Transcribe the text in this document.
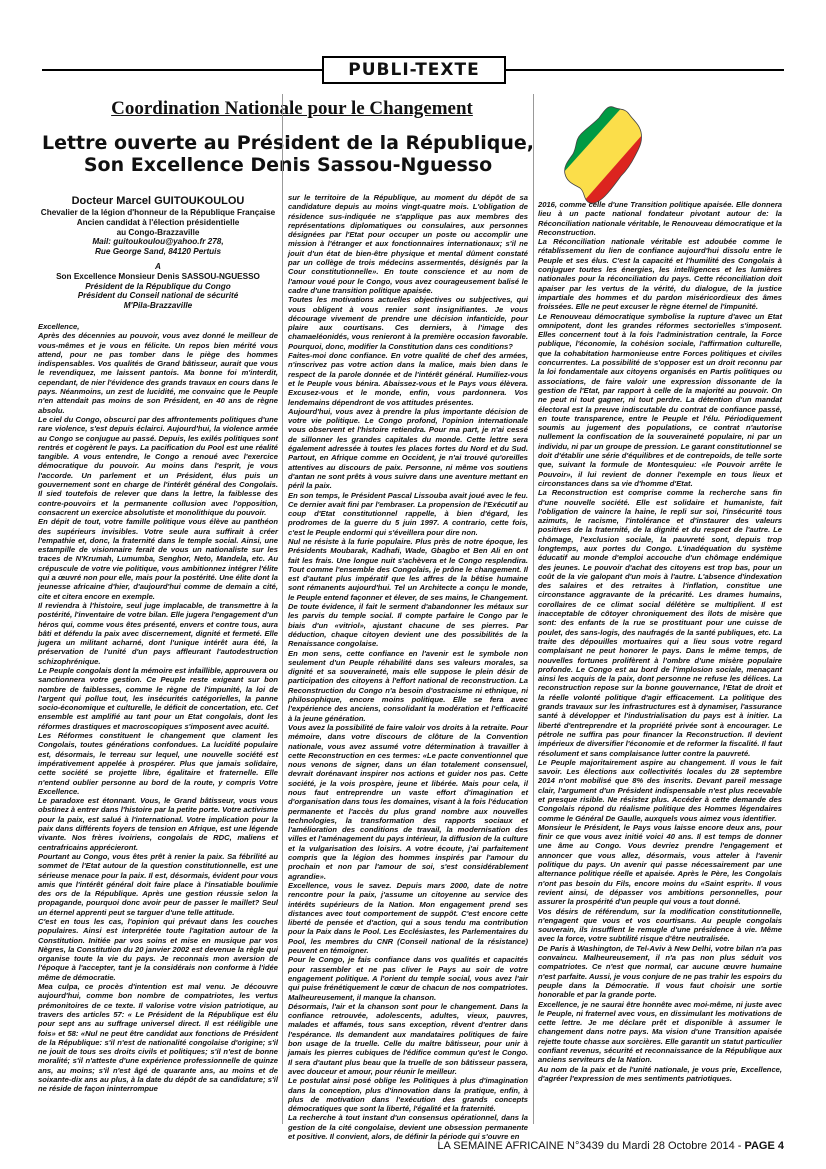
PUBLI-TEXTE
Coordination Nationale pour le Changement
Lettre ouverte au Président de la République,
Son Excellence Denis Sassou-Nguesso
Docteur Marcel GUITOUKOULOU
Chevalier de la légion d'honneur de la République Française
Ancien candidat à l'élection présidentielle
au Congo-Brazzaville
Mail: guitoukoulou@yahoo.fr 278,
Rue George Sand, 84120 Pertuis
A
Son Excellence Monsieur Denis SASSOU-NGUESSO
Président de la République du Congo
Président du Conseil national de sécurité
M'Pila-Brazzaville

Excellence,

Après des décennies au pouvoir, vous avez donné le meilleur de vous-mêmes et je vous en félicite. Un repos bien mérité vous attend, pour ne pas tomber dans le piège des hommes indispensables. Vos qualités de Grand bâtisseur, aurait que vous le revendiquez, me laissent pantois. Ma bonne foi m'interdit, cependant, de nier l'évidence des grands travaux en cours dans le pays. Néanmoins, un zest de lucidité, me convainc que le Peuple n'en attendait pas moins de son Président, en 40 ans de règne absolu.

Le ciel du Congo, obscurci par des affrontements politiques d'une rare violence, s'est depuis éclairci. Aujourd'hui, la violence armée au Congo se conjugue au passé. Depuis, les exilés politiques sont rentrés et cogèrent le pays. La pacification du Pool est une réalité tangible. A vous entendre, le Congo a renoué avec l'exercice démocratique du pouvoir. Au moins dans l'esprit, je vous l'accorde. Un parlement et un Président, élus puis un gouvernement sont en charge de l'intérêt général des Congolais. Il sied toutefois de relever que dans la lettre, la faiblesse des contre-pouvoirs et la permanente collusion avec l'opposition, consacrent un exercice absolutiste et monolithique du pouvoir.

En dépit de tout, votre famille politique vous élève au panthéon des supérieurs invisibles. Votre seule aura suffirait à créer l'empathie et, donc, la fraternité dans le temple social. Ainsi, une estampille de visionnaire ferait de vous un nationaliste sur les traces de N'Krumah, Lumumba, Senghor, Neto, Mandela, etc. Au crépuscule de votre vie politique, vous ambitionnez intégrer l'élite qui a œuvré non pour elle, mais pour la postérité. Une élite dont la jeunesse africaine d'hier, d'aujourd'hui comme de demain a cité, cite et citera encore en exemple.

Il reviendra à l'histoire, seul juge implacable, de transmettre à la postérité, l'inventaire de votre bilan. Elle jugera l'engagement d'un héros qui, comme vous êtes présenté, envers et contre tous, aura bâti et défendu la paix avec discernement, dignité et fermeté. Elle jugera un militant acharné, dont l'unique intérêt aura été, la préservation de l'unité d'un pays affleurant l'autodestruction schizophrénique.

Le Peuple congolais dont la mémoire est infaillible, approuvera ou sanctionnera votre gestion. Ce Peuple reste exigeant sur bon nombre de faiblesses, comme le règne de l'impunité, la loi de l'argent qui pollue tout, les insécurités catégorielles, la panne socio-économique et culturelle, le déficit de concertation, etc. Cet ensemble est amplifié au tant pour un Etat congolais, dont les réformes drastiques et macroscopiques s'imposent avec acuité.

Les Réformes constituent le changement que clament les Congolais, toutes générations confondues. La lucidité populaire est, désormais, le terreau sur lequel, une nouvelle société est impérativement appelée à prospérer. Plus que jamais solidaire, cette société se projette libre, égalitaire et fraternelle. Elle n'entend oublier personne au bord de la route, y compris Votre Excellence.

Le paradoxe est étonnant. Vous, le Grand bâtisseur, vous vous obstinez à entrer dans l'histoire par la petite porte. Votre activisme pour la paix, est salué à l'international. Votre implication pour la paix dans différents foyers de tension en Afrique, est une légende vivante. Nos frères ivoiriens, congolais de RDC, maliens et centrafricains apprécieront.

Pourtant au Congo, vous êtes prêt à renier la paix. Sa fébrilité au sommet de l'Etat autour de la question constitutionnelle, est une sérieuse menace pour la paix. Il est, désormais, évident pour vous amis que l'intérêt général doit faire place à l'insatiable boulimie des ors de la République. Après une gestion réussie selon la propagande, pourquoi donc avoir peur de passer le maillet? Seul un éternel apprenti peut se targuer d'une telle attitude.

C'est en tous les cas, l'opinion qui prévaut dans les couches populaires. Ainsi est interprétée toute l'agitation autour de la Constitution. Initiée par vos soins et mise en musique par vos Nègres, la Constitution du 20 janvier 2002 est devenue la règle qui organise toute la vie du pays. Je reconnais mon aversion de l'époque à l'accepter, tant je la considérais non conforme à l'idée même de démocratie.

Mea culpa, ce procès d'intention est mal venu. Je découvre aujourd'hui, comme bon nombre de compatriotes, les vertus prémonitoires de ce texte. Il valorise votre vision patriotique, au travers des articles 57: « Le Président de la République est élu pour sept ans au suffrage universel direct. Il est rééligible une fois» et 58: «Nul ne peut être candidat aux fonctions de Président de la République: s'il n'est de nationalité congolaise d'origine; s'il ne jouit de tous ses droits civils et politiques; s'il n'est de bonne moralité; s'il n'atteste d'une expérience professionnelle de quinze ans, au moins; s'il n'est âgé de quarante ans, au moins et de soixante-dix ans au plus, à la date du dépôt de sa candidature; s'il ne réside de façon ininterrompue

sur le territoire de la République, au moment du dépôt de sa candidature depuis au moins vingt-quatre mois. L'obligation de résidence sus-indiquée ne s'applique pas aux membres des représentations diplomatiques ou consulaires, aux personnes désignées par l'Etat pour occuper un poste ou accomplir une mission à l'étranger et aux fonctionnaires internationaux; s'il ne jouit d'un état de bien-être physique et mental dûment constaté par un collège de trois médecins assermentés, désignés par la Cour constitutionnelle». En toute conscience et au nom de l'amour voué pour le Congo, vous avez courageusement balisé le cadre d'une transition politique apaisée.

Toutes les motivations actuelles objectives ou subjectives, qui vous obligent à vous renier sont insignifiantes. Je vous décourage vivement de prendre une décision infanticide, pour plaire aux courtisans. Ces derniers, à l'image des chamaeléonidés, vous renieront à la première occasion favorable. Pourquoi, donc, modifier la Constitution dans ces conditions?

Faites-moi donc confiance. En votre qualité de chef des armées, n'inscrivez pas votre action dans la malice, mais bien dans le respect de la parole donnée et de l'intérêt général. Humiliez-vous et le Peuple vous bénira. Abaissez-vous et le Pays vous élèvera. Excusez-vous et le monde, enfin, vous pardonnera. Vos lendemains dépendront de vos attitudes présentes.

Aujourd'hui, vous avez à prendre la plus importante décision de votre vie politique. Le Congo profond, l'opinion internationale vous observent et l'histoire retiendra. Pour ma part, je n'ai cessé de sillonner les grandes capitales du monde. Cette lettre sera également adressée à toutes les places fortes du Nord et du Sud. Partout, en Afrique comme en Occident, je n'ai trouvé qu'oreilles attentives au discours de paix. Personne, ni même vos soutiens d'antan ne sont prêts à vous suivre dans une aventure mettant en péril la paix.

En son temps, le Président Pascal Lissouba avait joué avec le feu. Ce dernier avait fini par l'embraser. La propension de l'Exécutif au coup d'Etat constitutionnel rappelle, à bien d'égard, les prodromes de la guerre du 5 juin 1997. A contrario, cette fois, c'est le Peuple endormi qui s'éveillera pour dire non.

Nul ne résiste à la furie populaire. Plus près de notre époque, les Présidents Moubarak, Kadhafi, Wade, Gbagbo et Ben Ali en ont fait les frais. Une longue nuit s'achèvera et le Congo resplendira. Tout comme l'ensemble des Congolais, je prône le changement. Il est d'autant plus impératif que les affres de la bêtise humaine sont rémanents aujourd'hui. Tel un Architecte a conçu le monde, le Peuple entend façonner et élever, de ses mains, le Changement. De toute évidence, il fait le serment d'abandonner les métaux sur les parvis du temple social. Il compte parfaire le Congo par le biais d'un «vitriol», ajustant chacune de ses pierres. Par déduction, chaque citoyen devient une des possibilités de la Renaissance congolaise.

En mon sens, cette confiance en l'avenir est le symbole non seulement d'un Peuple réhabilité dans ses valeurs morales, sa dignité et sa souveraineté, mais elle suppose le plein désir de participation des citoyens à l'effort national de reconstruction. La Reconstruction du Congo n'a besoin d'ostracisme ni ethnique, ni philosophique, encore moins politique. Elle se fera avec l'expérience des anciens, consolidant la modération et l'efficacité à la jeune génération.

Vous avez la possibilité de faire valoir vos droits à la retraite. Pour mémoire, dans votre discours de clôture de la Convention nationale, vous avez assumé votre détermination à travailler à cette Reconstruction en ces termes: «Le pacte conventionnel que nous venons de signer, dans un élan totalement consensuel, devrait dorénavant inspirer nos actions et guider nos pas. Cette société, je la vois prospère, jeune et libérée. Mais pour cela, il nous faut entreprendre un vaste effort d'imagination et d'organisation dans tous les domaines, visant à la fois l'éducation permanente et l'accès du plus grand nombre aux nouvelles technologies, la transformation des rapports sociaux et l'amélioration des conditions de travail, la modernisation des villes et l'aménagement du pays intérieur, la diffusion de la culture et la vulgarisation des loisirs. A votre écoute, j'ai parfaitement compris que la légion des hommes inspirés par l'amour du prochain et non par l'amour de soi, s'est considérablement agrandie».

Excellence, vous le savez. Depuis mars 2000, date de notre rencontre pour la paix, j'assume un citoyenne au service des intérêts supérieurs de la Nation. Mon engagement prend ses distances avec tout comportement de suppôt. C'est encore cette liberté de pensée et d'action, qui a sous tendu ma contribution pour la Paix dans le Pool. Les Ecclésiastes, les Parlementaires du Pool, les membres du CNR (Conseil national de la résistance) peuvent en témoigner.

Pour le Congo, je fais confiance dans vos qualités et capacités pour rassembler et ne pas cliver le Pays au soir de votre engagement politique. A l'orient du temple social, vous avez l'air qui puise frénétiquement le cœur de chacun de nos compatriotes. Malheureusement, il manque la chanson.

Désormais, l'air et la chanson sont pour le changement. Dans la confiance retrouvée, adolescents, adultes, vieux, pauvres, malades et affamés, tous sans exception, rêvent d'entrer dans l'espérance. Ils demandent aux mandataires politiques de faire bon usage de la truelle. Celle du maître bâtisseur, pour unir à jamais les pierres cubiques de l'édifice commun qu'est le Congo. Il sera d'autant plus beau que la truelle de son bâtisseur passera, avec douceur et amour, pour réunir le meilleur.

Le postulat ainsi posé oblige les Politiques à plus d'imagination dans la conception, plus d'innovation dans la pratique, enfin, à plus de motivation dans l'exécution des grands concepts démocratiques que sont la liberté, l'égalité et la fraternité.

La recherche à tout instant d'un consensus opérationnel, dans la gestion de la cité congolaise, devient une obsession permanente et positive. Il convient, alors, de définir la période qui s'ouvre en

2016, comme celle d'une Transition politique apaisée. Elle donnera lieu à un pacte national fondateur pivotant autour de: la Réconciliation nationale véritable, le Renouveau démocratique et la Reconstruction.

La Réconciliation nationale véritable est adoubée comme le rétablissement du lien de confiance aujourd'hui dissolu entre le Peuple et ses élus. C'est la capacité et l'humilité des Congolais à conjuguer toutes les énergies, les intelligences et les lumières nationales pour la réconciliation du pays. Cette réconciliation doit apaiser par les vertus de la vérité, du dialogue, de la justice impartiale des hommes et du pardon miséricordieux des âmes froissées. Elle ne peut excuser le règne éternel de l'impunité.

Le Renouveau démocratique symbolise la rupture d'avec un Etat omnipotent, dont les grandes réformes sectorielles s'imposent. Elles concernent tout à la fois l'administration centrale, la Force publique, l'économie, la cohésion sociale, l'affirmation culturelle, que la cohabitation harmonieuse entre Forces politiques et civiles concurrentes. La possibilité de s'opposer est un droit reconnu par la loi fondamentale aux citoyens organisés en Partis politiques ou associations, de faire valoir une expression dissonante de la gestion de l'Etat, par rapport à celle de la majorité au pouvoir. On ne peut ni tout gagner, ni tout perdre. La détention d'un mandat électoral est la preuve indiscutable du contrat de confiance passé, en toute transparence, entre le Peuple et l'élu. Périodiquement soumis au jugement des populations, ce contrat n'autorise nullement la confiscation de la souveraineté populaire, ni par un individu, ni par un groupe de pression. Le garant constitutionnel se doit d'établir une série d'équilibres et de contrepoids, de telle sorte que, suivant la formule de Montesquieu: «le Pouvoir arrête le Pouvoir», il lui revient de donner l'exemple en tous lieux et circonstances dans sa vie d'homme d'Etat.

La Reconstruction est comprise comme la recherche sans fin d'une nouvelle société. Elle est solidaire et humaniste, fait l'obligation de vaincre la haine, le repli sur soi, l'insécurité tous azimuts, le racisme, l'intolérance et d'instaurer des valeurs positives de la fraternité, de la dignité et du respect de l'autre. Le chômage, l'exclusion sociale, la pauvreté sont, depuis trop longtemps, aux portes du Congo. L'inadéquation du système éducatif au monde d'emploi accouche d'un chômage endémique des jeunes. Le pouvoir d'achat des citoyens est trop bas, pour un coût de la vie galopant d'un mois à l'autre. L'absence d'indexation des salaires et des retraites à l'inflation, constitue une circonstance aggravante de la précarité. Les drames humains, corollaires de ce climat social délétère se multiplient. Il est inacceptable de côtoyer chroniquement des îlots de misère que sont: des enfants de la rue se prostituant pour une cuisse de poulet, des sans-logis, des naufragés de la santé publiques, etc. La traite des dépouilles mortuaires qui a lieu sous votre regard complaisant ne peut honorer le pays. Dans le même temps, de nouvelles fortunes prolifèrent à l'ombre d'une misère populaire profonde. Le Congo est au bord de l'implosion sociale, menaçant ainsi les acquis de la paix, dont personne ne refuse les délices. La reconstruction repose sur la bonne gouvernance, l'Etat de droit et la réelle volonté politique d'agir efficacement. La politique des grands travaux sur les infrastructures est à dynamiser, l'assurance santé à développer et l'industrialisation du pays est à initier. La liberté d'entreprendre et la propriété privée sont à encourager. Le pétrole ne suffira pas pour financer la Reconstruction. Il devient impérieux de diversifier l'économie et de reformer la fiscalité. Il faut résolument et sans complaisance lutter contre la pauvreté.

Le Peuple majoritairement aspire au changement. Il vous le fait savoir. Les élections aux collectivités locales du 28 septembre 2014 n'ont mobilisé que 8% des inscrits. Devant pareil message clair, l'argument d'un Président indispensable n'est plus recevable et presque risible. Ne résistez plus. Accéder à cette demande des Congolais répond du réalisme politique des Hommes légendaires comme le Général De Gaulle, auxquels vous aimez vous identifier.

Monsieur le Président, le Pays vous laisse encore deux ans, pour finir ce que vous avez initié voici 40 ans. Il est temps de donner une âme au Congo. Vous devriez prendre l'engagement et annoncer que vous allez, désormais, vous atteler à l'avenir politique du pays. Un avenir qui passe nécessairement par une alternance politique réelle et apaisée. Après le Père, les Congolais n'ont pas besoin du Fils, encore moins du «Saint esprit». Il vous revient ainsi, de dépasser vos ambitions personnelles, pour assurer la prospérité d'un peuple qui vous a tout donné.

Vos désirs de référendum, sur la modification constitutionnelle, n'engagent que vous et vos courtisans. Au peuple congolais souverain, ils insufflent le remugle d'une présidence à vie. Même avec la force, votre subtilité risque d'être neutralisée.

De Paris à Washington, de Tel-Aviv à New Delhi, votre bilan n'a pas convaincu. Malheureusement, il n'a pas non plus séduit vos compatriotes. Ce n'est que normal, car aucune œuvre humaine n'est parfaite. Aussi, je vous conjure de ne pas trahir les espoirs du peuple dans la Démocratie. Il vous faut choisir une sortie honorable et par la grande porte.

Excellence, je ne saurai être honnête avec moi-même, ni juste avec le Peuple, ni fraternel avec vous, en dissimulant les motivations de cette lettre. Je me déclare prêt et disponible à assumer le changement dans notre pays. Ma vision d'une Transition apaisée rejette toute chasse aux sorcières. Elle garantit un statut particulier confiant revenus, sécurité et reconnaissance de la République aux anciens serviteurs de la Nation.

Au nom de la paix et de l'unité nationale, je vous prie, Excellence, d'agréer l'expression de mes sentiments patriotiques.

LA SEMAINE AFRICAINE N°3439 du Mardi 28 Octobre 2014 - PAGE 4
